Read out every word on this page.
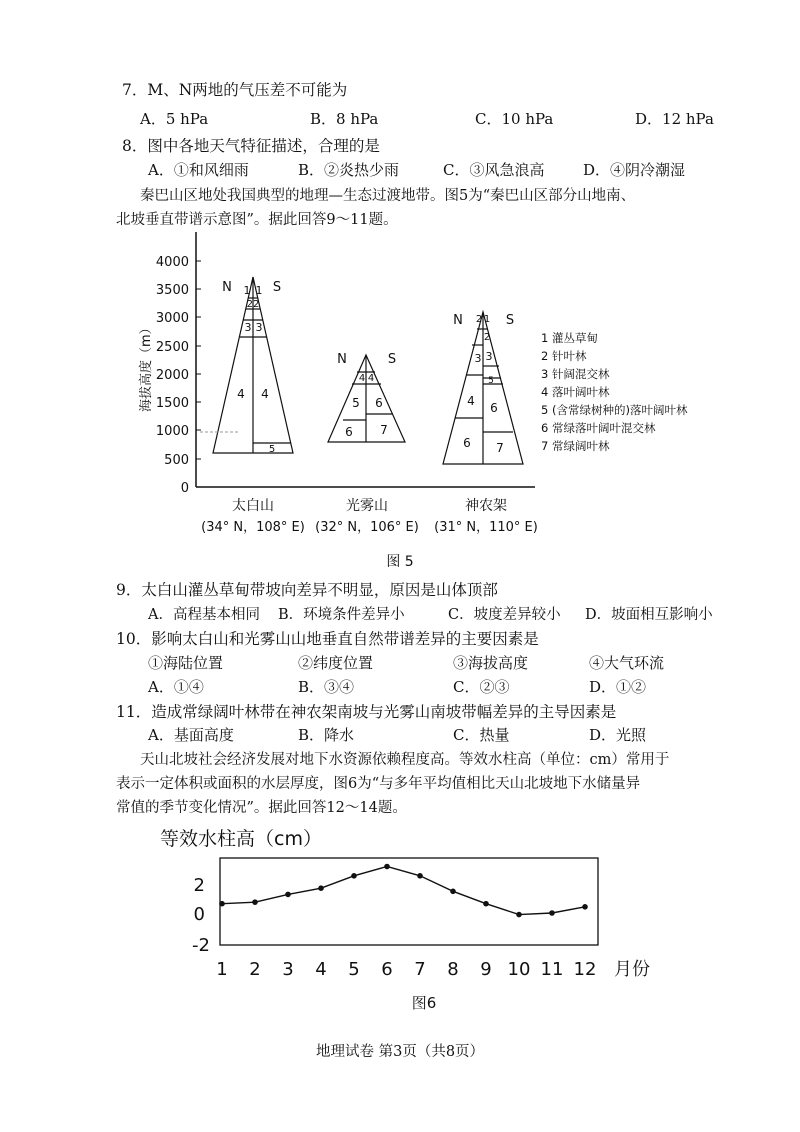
7．M、N两地的气压差不可能为
A．5 hPa	B．8 hPa	C．10 hPa	D．12 hPa
8．图中各地天气特征描述，合理的是
A．①和风细雨	B．②炎热少雨	C．③风急浪高	D．④阴冷潮湿
秦巴山区地处我国典型的地理—生态过渡地带。图5为“秦巴山区部分山地南、
北坡垂直带谱示意图”。据此回答9～11题。
4000
3500
3000
2500
2000
1500
1000
500
0
海拔高度（m）
N	S
1 1
22
3 3
4 4
5
N	S
4 4
5 6
6 7
N	S
2 1
2
3 3
5
4 6
6 7
太白山	光雾山	神农架
(34° N，108° E) (32° N，106° E) (31° N，110° E)
1 灌丛草甸
2 针叶林
3 针阔混交林
4 落叶阔叶林
5 (含常绿树种的)落叶阔叶林
6 常绿落叶阔叶混交林
7 常绿阔叶林
图 5
9．太白山灌丛草甸带坡向差异不明显，原因是山体顶部
A．高程基本相同 B．环境条件差异小	C．坡度差异较小 D．坡面相互影响小
10．影响太白山和光雾山山地垂直自然带谱差异的主要因素是
①海陆位置	②纬度位置	③海拔高度	④大气环流
A．①④	B．③④	C．②③	D．①②
11．造成常绿阔叶林带在神农架南坡与光雾山南坡带幅差异的主导因素是
A．基面高度	B．降水	C．热量	D．光照
天山北坡社会经济发展对地下水资源依赖程度高。等效水柱高（单位：cm）常用于
表示一定体积或面积的水层厚度，图6为“与多年平均值相比天山北坡地下水储量异
常值的季节变化情况”。据此回答12～14题。
等效水柱高（cm）
2
0
-2
1 2 3 4 5 6 7 8 9 10 11 12 月份
图6
地理试卷 第3页（共8页）
